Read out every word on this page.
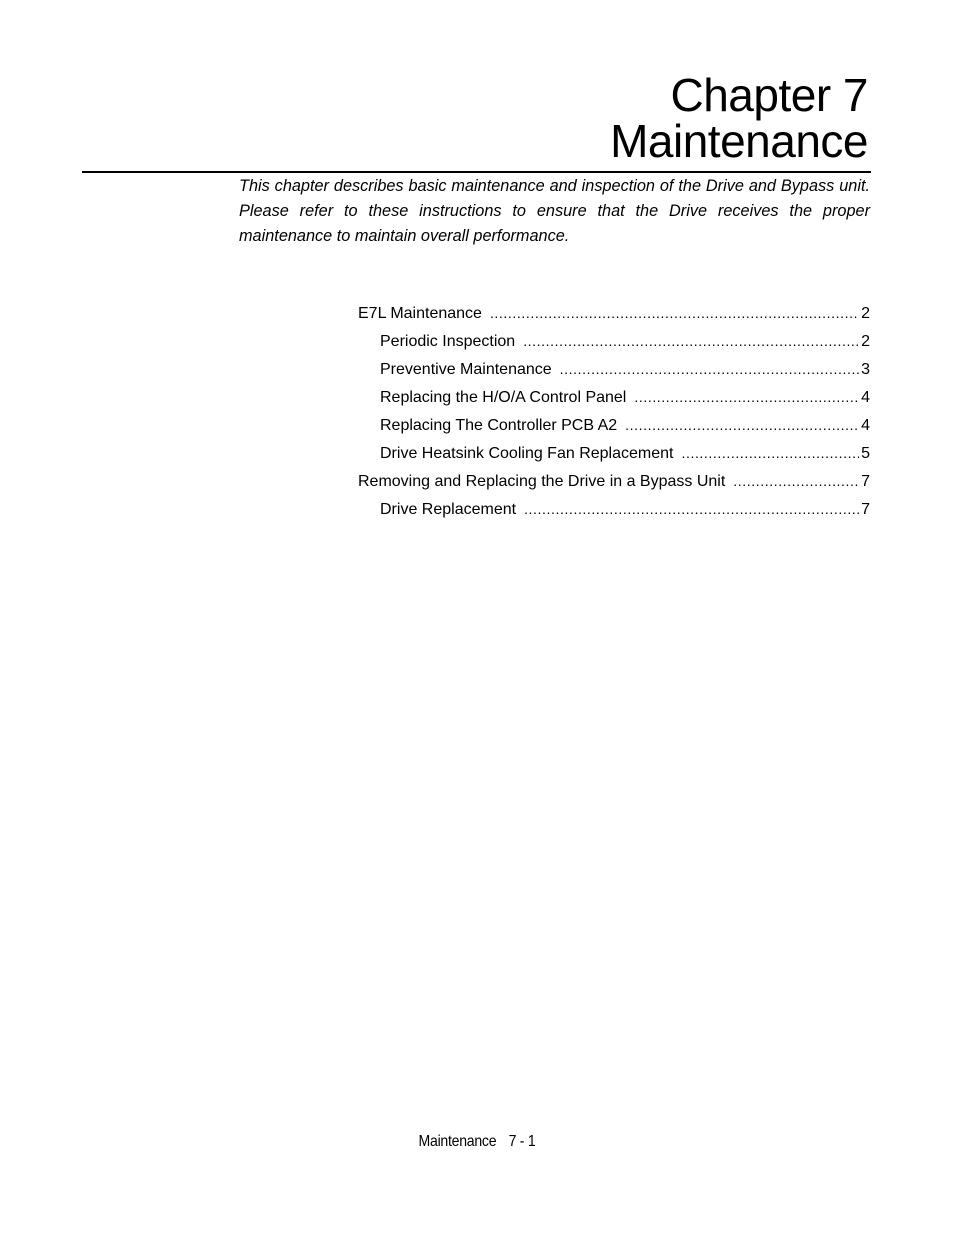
Chapter 7
Maintenance
This chapter describes basic maintenance and inspection of the Drive and Bypass unit. Please refer to these instructions to ensure that the Drive receives the proper maintenance to maintain overall performance.
E7L Maintenance .....	2
Periodic Inspection .....	2
Preventive Maintenance .....	3
Replacing the H/O/A Control Panel .....	4
Replacing The Controller PCB A2 .....	4
Drive Heatsink Cooling Fan Replacement .....	5
Removing and Replacing the Drive in a Bypass Unit .....	7
Drive Replacement .....	7
Maintenance 7 - 1
